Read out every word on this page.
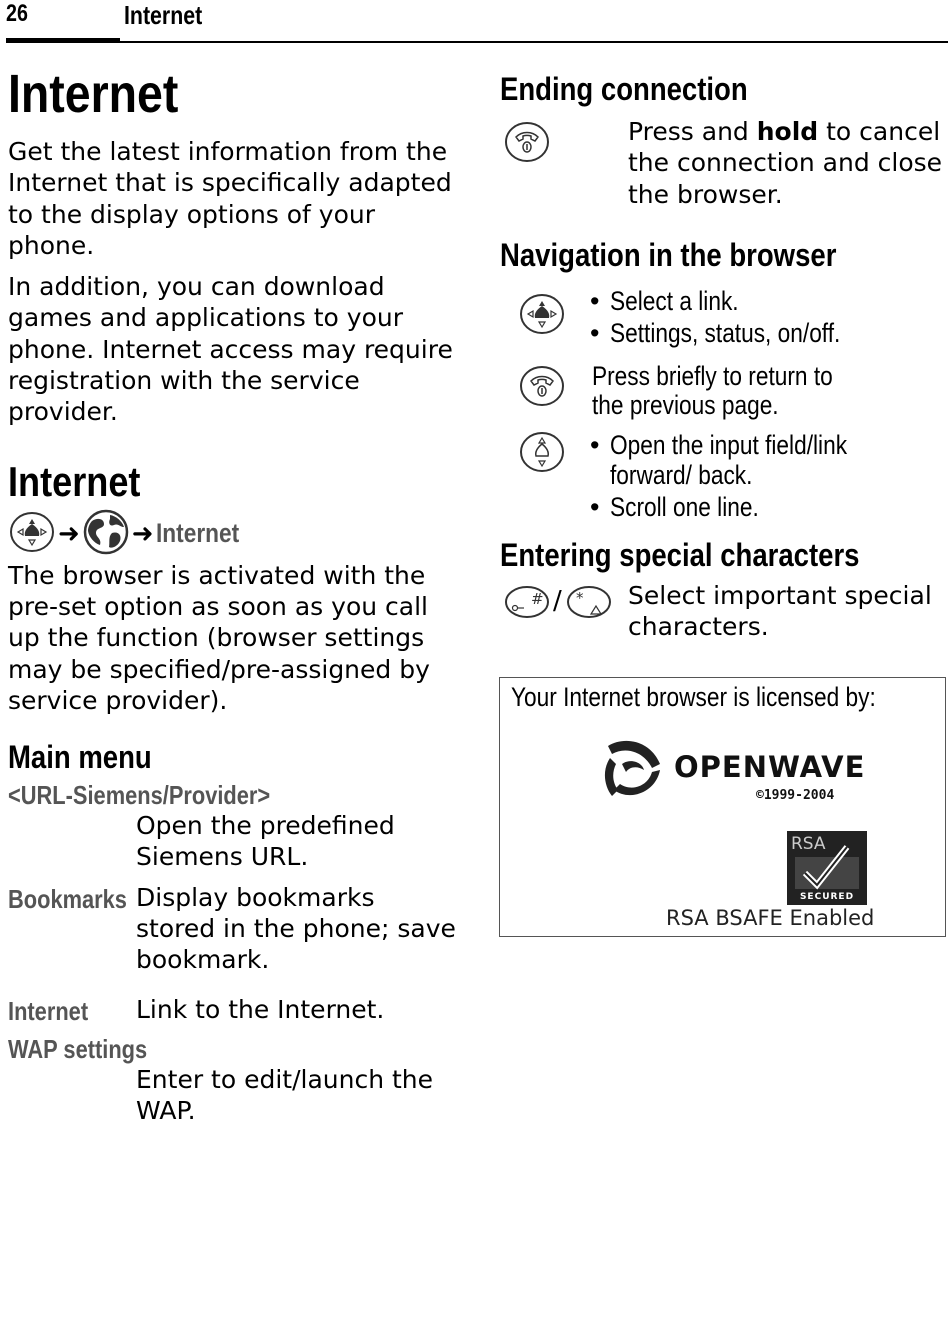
26	Internet
Internet

Get the latest information from the Internet that is specifically adapted to the display options of your phone.

In addition, you can download games and applications to your phone. Internet access may require registration with the service provider.

Internet
➜ ➜ Internet

The browser is activated with the pre-set option as soon as you call up the function (browser settings may be specified/pre-assigned by service provider).

Main menu
<URL-Siemens/Provider>
Open the predefined Siemens URL.
Bookmarks Display bookmarks stored in the phone; save bookmark.
Internet	Link to the Internet.
WAP settings
Enter to edit/launch the WAP.
Ending connection
Press and hold to cancel the connection and close the browser.
Navigation in the browser
• Select a link.
• Settings, status, on/off.
Press briefly to return to the previous page.
• Open the input field/link forward/ back.
• Scroll one line.
Entering special characters
# / * Select important special characters.
Your Internet browser is licensed by:
OPENWAVE
©1999-2004
RSA
SECURED
RSA BSAFE Enabled
